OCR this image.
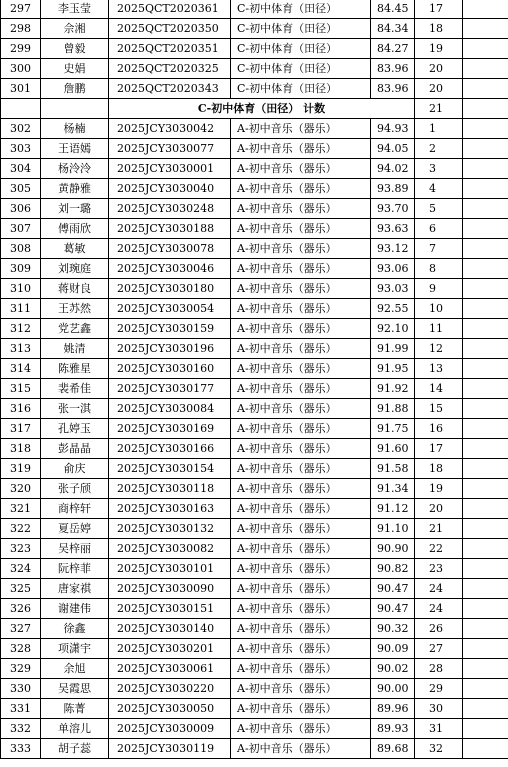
297	李玉莹	2025QCT2020361	C-初中体育（田径）	84.45	17	
298	佘湘	2025QCT2020350	C-初中体育（田径）	84.34	18	
299	曾毅	2025QCT2020351	C-初中体育（田径）	84.27	19	
300	史娟	2025QCT2020325	C-初中体育（田径）	83.96	20	
301	詹鹏	2025QCT2020343	C-初中体育（田径）	83.96	20	
		C-初中体育（田径） 计数			21	
302	杨楠	2025JCY3030042	A-初中音乐（器乐）	94.93	1	
303	王语嫣	2025JCY3030077	A-初中音乐（器乐）	94.05	2	
304	杨泠泠	2025JCY3030001	A-初中音乐（器乐）	94.02	3	
305	黄静雅	2025JCY3030040	A-初中音乐（器乐）	93.89	4	
306	刘一璐	2025JCY3030248	A-初中音乐（器乐）	93.70	5	
307	傅雨欣	2025JCY3030188	A-初中音乐（器乐）	93.63	6	
308	葛敏	2025JCY3030078	A-初中音乐（器乐）	93.12	7	
309	刘琬庭	2025JCY3030046	A-初中音乐（器乐）	93.06	8	
310	蒋财良	2025JCY3030180	A-初中音乐（器乐）	93.03	9	
311	王苏然	2025JCY3030054	A-初中音乐（器乐）	92.55	10	
312	党艺鑫	2025JCY3030159	A-初中音乐（器乐）	92.10	11	
313	姚清	2025JCY3030196	A-初中音乐（器乐）	91.99	12	
314	陈雅星	2025JCY3030160	A-初中音乐（器乐）	91.95	13	
315	裴希佳	2025JCY3030177	A-初中音乐（器乐）	91.92	14	
316	张一淇	2025JCY3030084	A-初中音乐（器乐）	91.88	15	
317	孔婷玉	2025JCY3030169	A-初中音乐（器乐）	91.75	16	
318	彭晶晶	2025JCY3030166	A-初中音乐（器乐）	91.60	17	
319	俞庆	2025JCY3030154	A-初中音乐（器乐）	91.58	18	
320	张子颀	2025JCY3030118	A-初中音乐（器乐）	91.34	19	
321	商梓轩	2025JCY3030163	A-初中音乐（器乐）	91.12	20	
322	夏岳婷	2025JCY3030132	A-初中音乐（器乐）	91.10	21	
323	吴梓丽	2025JCY3030082	A-初中音乐（器乐）	90.90	22	
324	阮梓菲	2025JCY3030101	A-初中音乐（器乐）	90.82	23	
325	唐家祺	2025JCY3030090	A-初中音乐（器乐）	90.47	24	
326	谢建伟	2025JCY3030151	A-初中音乐（器乐）	90.47	24	
327	徐鑫	2025JCY3030140	A-初中音乐（器乐）	90.32	26	
328	项潇宇	2025JCY3030201	A-初中音乐（器乐）	90.09	27	
329	余旭	2025JCY3030061	A-初中音乐（器乐）	90.02	28	
330	吴霞思	2025JCY3030220	A-初中音乐（器乐）	90.00	29	
331	陈菁	2025JCY3030050	A-初中音乐（器乐）	89.96	30	
332	单溶儿	2025JCY3030009	A-初中音乐（器乐）	89.93	31	
333	胡子蕊	2025JCY3030119	A-初中音乐（器乐）	89.68	32	
